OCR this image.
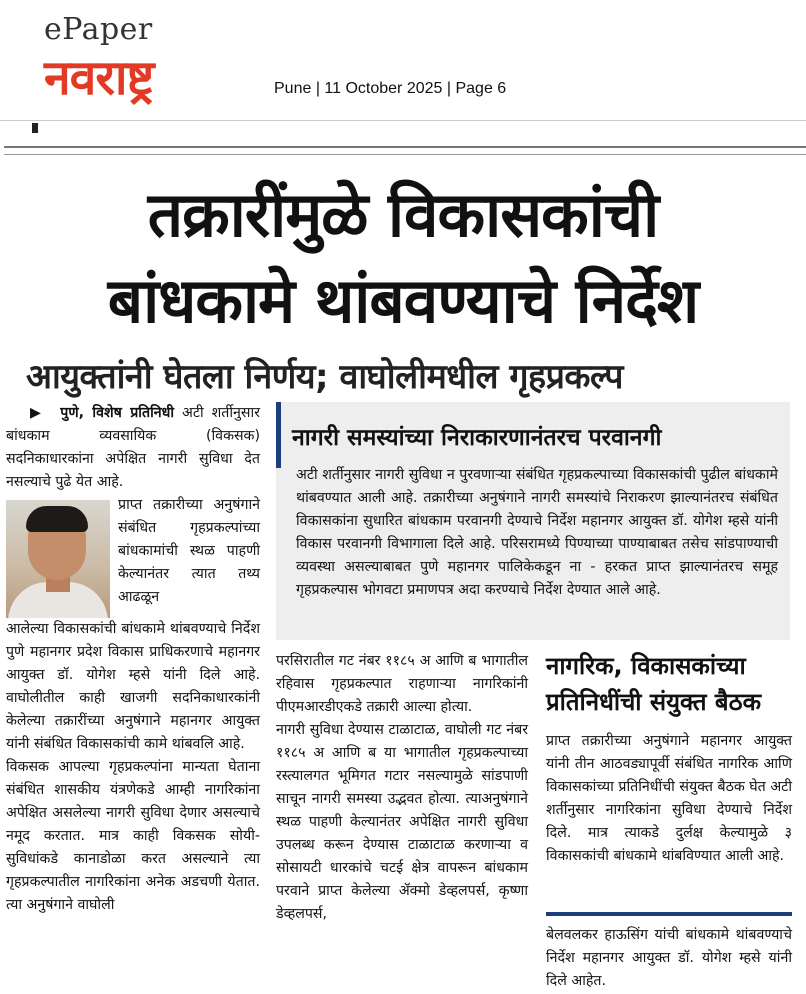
ePaper
नवराष्ट्र	Pune | 11 October 2025 | Page 6
तक्रारींमुळे विकासकांची
बांधकामे थांबवण्याचे निर्देश
आयुक्तांनी घेतला निर्णय; वाघोलीमधील गृहप्रकल्प

▶  पुणे, विशेष प्रतिनिधी अटी शर्तीनुसार बांधकाम व्यवसायिक (विकसक) सदनिकाधारकांना अपेक्षित नागरी सुविधा देत नसल्याचे पुढे येत आहे.

प्राप्त तक्रारीच्या अनुषंगाने संबंधित गृहप्रकल्पांच्या बांधकामांची स्थळ पाहणी केल्यानंतर त्यात तथ्य आढळून

आलेल्या विकासकांची बांधकामे थांबवण्याचे निर्देश पुणे महानगर प्रदेश विकास प्राधिकरणाचे महानगर आयुक्त डॉ. योगेश म्हसे यांनी दिले आहे. वाघोलीतील काही खाजगी सदनिकाधारकांनी केलेल्या तक्रारींच्या अनुषंगाने महानगर आयुक्त यांनी संबंधित विकासकांची कामे थांबवलि आहे.

विकसक आपल्या गृहप्रकल्पांना मान्यता घेताना संबंधित शासकीय यंत्रणेकडे आम्ही नागरिकांना अपेक्षित असलेल्या नागरी सुविधा देणार असल्याचे नमूद करतात. मात्र काही विकसक सोयी-सुविधांकडे कानाडोळा करत असल्याने त्या गृहप्रकल्पातील नागरिकांना अनेक अडचणी येतात. त्या अनुषंगाने वाघोली

नागरी समस्यांच्या निराकारणानंतरच परवानगी
अटी शर्तीनुसार नागरी सुविधा न पुरवणाऱ्या संबंधित गृहप्रकल्पाच्या विकासकांची पुढील बांधकामे थांबवण्यात आली आहे. तक्रारीच्या अनुषंगाने नागरी समस्यांचे निराकरण झाल्यानंतरच संबंधित विकासकांना सुधारित बांधकाम परवानगी देण्याचे निर्देश महानगर आयुक्त डॉ. योगेश म्हसे यांनी विकास परवानगी विभागाला दिले आहे. परिसरामध्ये पिण्याच्या पाण्याबाबत तसेच सांडपाण्याची व्यवस्था असल्याबाबत पुणे महानगर पालिकेकडून ना - हरकत प्राप्त झाल्यानंतरच समूह गृहप्रकल्पास भोगवटा प्रमाणपत्र अदा करण्याचे निर्देश देण्यात आले आहे.

परसिरातील गट नंबर ११८५ अ आणि ब भागातील रहिवास गृहप्रकल्पात राहणाऱ्या नागरिकांनी पीएमआरडीएकडे तक्रारी आल्या होत्या.

नागरी सुविधा देण्यास टाळाटाळ, वाघोली गट नंबर ११८५ अ आणि ब या भागातील गृहप्रकल्पाच्या रस्त्यालगत भूमिगत गटार नसल्यामुळे सांडपाणी साचून नागरी समस्या उद्भवत होत्या. त्याअनुषंगाने स्थळ पाहणी केल्यानंतर अपेक्षित नागरी सुविधा उपलब्ध करून देण्यास टाळाटाळ करणाऱ्या व सोसायटी धारकांचे चटई क्षेत्र वापरून बांधकाम परवाने प्राप्त केलेल्या ॲक्मो डेव्हलपर्स, कृष्णा डेव्हलपर्स,

नागरिक, विकासकांच्या प्रतिनिधींची संयुक्त बैठक
प्राप्त तक्रारीच्या अनुषंगाने महानगर आयुक्त यांनी तीन आठवड्यापूर्वी संबंधित नागरिक आणि विकासकांच्या प्रतिनिधींची संयुक्त बैठक घेत अटी शर्तीनुसार नागरिकांना सुविधा देण्याचे निर्देश दिले. मात्र त्याकडे दुर्लक्ष केल्यामुळे ३ विकासकांची बांधकामे थांबविण्यात आली आहे.
बेलवलकर हाऊसिंग यांची बांधकामे थांबवण्याचे निर्देश महानगर आयुक्त डॉ. योगेश म्हसे यांनी दिले आहेत.
